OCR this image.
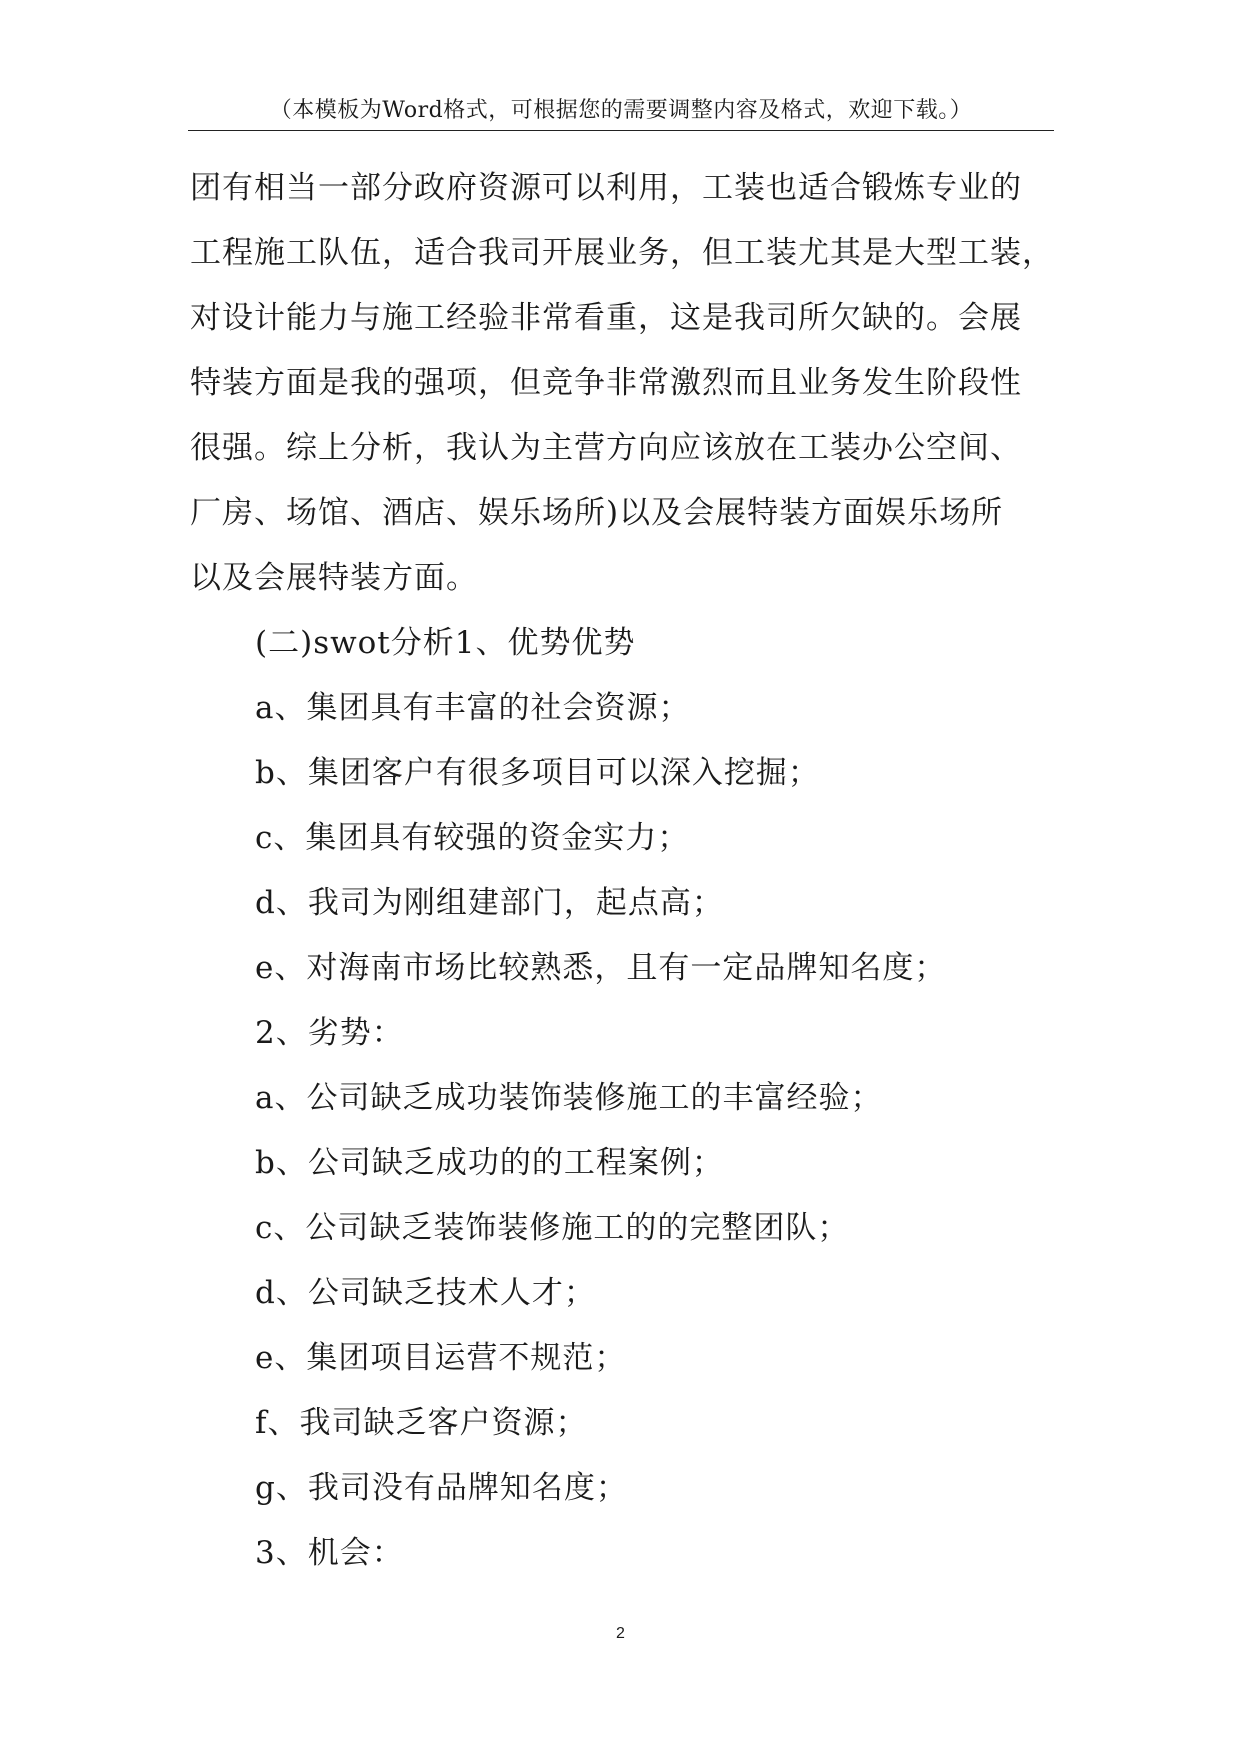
（本模板为Word格式，可根据您的需要调整内容及格式，欢迎下载。）
团有相当一部分政府资源可以利用，工装也适合锻炼专业的
工程施工队伍，适合我司开展业务，但工装尤其是大型工装，
对设计能力与施工经验非常看重，这是我司所欠缺的。会展
特装方面是我的强项，但竞争非常激烈而且业务发生阶段性
很强。综上分析，我认为主营方向应该放在工装办公空间、
厂房、场馆、酒店、娱乐场所)以及会展特装方面娱乐场所
以及会展特装方面。
(二)swot分析1、优势优势
a、集团具有丰富的社会资源；
b、集团客户有很多项目可以深入挖掘；
c、集团具有较强的资金实力；
d、我司为刚组建部门，起点高；
e、对海南市场比较熟悉，且有一定品牌知名度；
2、劣势：
a、公司缺乏成功装饰装修施工的丰富经验；
b、公司缺乏成功的的工程案例；
c、公司缺乏装饰装修施工的的完整团队；
d、公司缺乏技术人才；
e、集团项目运营不规范；
f、我司缺乏客户资源；
g、我司没有品牌知名度；
3、机会：
2
